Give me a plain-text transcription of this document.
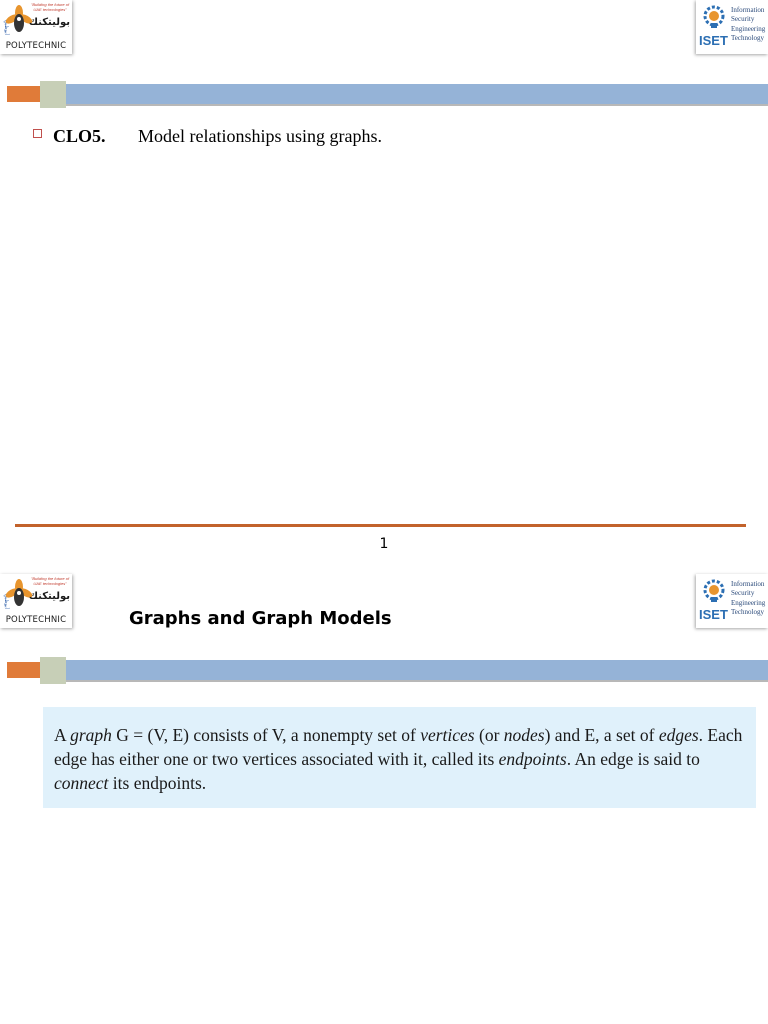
"Building the future of UAE technologies"
أبوظبي بوليتكنك
POLYTECHNIC	ISET
Information
Security
Engineering
Technology
CLO5.	Model relationships using graphs.
1
"Building the future of UAE technologies"
أبوظبي بوليتكنك
POLYTECHNIC	Graphs and Graph Models	ISET
Information
Security
Engineering
Technology
A graph G = (V, E) consists of V, a nonempty set of vertices (or nodes) and E, a set of edges. Each edge has either one or two vertices associated with it, called its endpoints. An edge is said to connect its endpoints.
